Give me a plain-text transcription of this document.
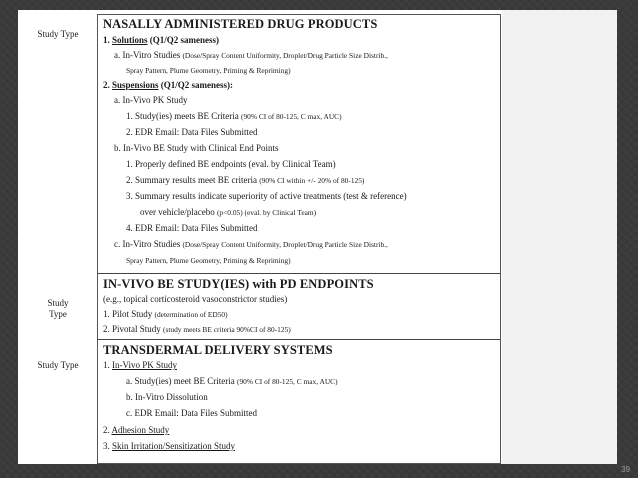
Study Type
Study
Type
Study Type
NASALLY ADMINISTERED DRUG PRODUCTS
1. Solutions (Q1/Q2 sameness)
a. In-Vitro Studies (Dose/Spray Content Uniformity, Droplet/Drug Particle Size Distrib.,
Spray Pattern, Plume Geometry, Priming & Repriming)
2. Suspensions (Q1/Q2 sameness):
a. In-Vivo PK Study
1. Study(ies) meets BE Criteria (90% CI of 80-125, C max, AUC)
2. EDR Email: Data Files Submitted
b. In-Vivo BE Study with Clinical End Points
1. Properly defined BE endpoints (eval. by Clinical Team)
2. Summary results meet BE criteria (90% CI within +/- 20% of 80-125)
3. Summary results indicate superiority of active treatments (test & reference)
over vehicle/placebo (p<0.05) (eval. by Clinical Team)
4. EDR Email: Data Files Submitted
c. In-Vitro Studies (Dose/Spray Content Uniformity, Droplet/Drug Particle Size Distrib.,
Spray Pattern, Plume Geometry, Priming & Repriming)
IN-VIVO BE STUDY(IES) with PD ENDPOINTS
(e.g., topical corticosteroid vasoconstrictor studies)
1. Pilot Study (determination of ED50)
2. Pivotal Study (study meets BE criteria 90%CI of 80-125)
TRANSDERMAL DELIVERY SYSTEMS
1. In-Vivo PK Study
a. Study(ies) meet BE Criteria (90% CI of 80-125, C max, AUC)
b. In-Vitro Dissolution
c. EDR Email: Data Files Submitted
2. Adhesion Study
3. Skin Irritation/Sensitization Study
39
